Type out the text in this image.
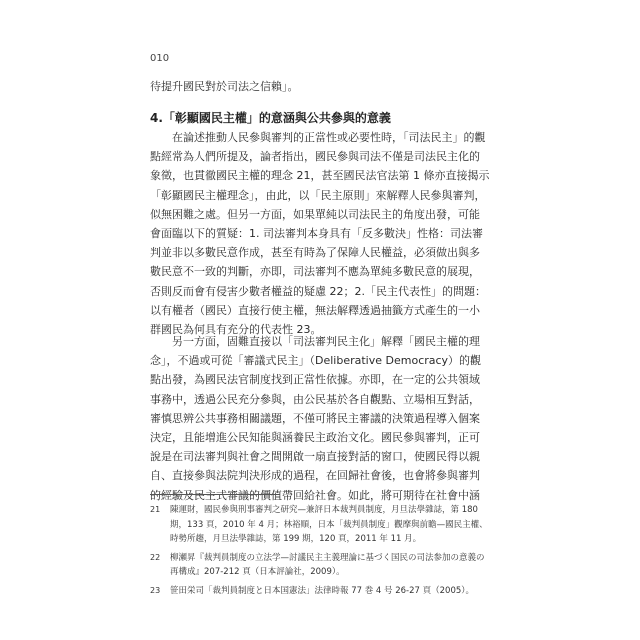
010
待提升國民對於司法之信賴」。
4.「彰顯國民主權」的意涵與公共參與的意義

在論述推動人民參與審判的正當性或必要性時，「司法民主」的觀點經常為人們所提及，論者指出，國民參與司法不僅是司法民主化的象徵，也貫徹國民主權的理念 21，甚至國民法官法第 1 條亦直接揭示「彰顯國民主權理念」，由此，以「民主原則」來解釋人民參與審判，似無困難之處。但另一方面，如果單純以司法民主的角度出發，可能會面臨以下的質疑：1. 司法審判本身具有「反多數決」性格：司法審判並非以多數民意作成，甚至有時為了保障人民權益，必須做出與多數民意不一致的判斷，亦即，司法審判不應為單純多數民意的展現，否則反而會有侵害少數者權益的疑慮 22；2.「民主代表性」的問題：以有權者（國民）直接行使主權，無法解釋透過抽籤方式產生的一小群國民為何具有充分的代表性 23。

另一方面，固難直接以「司法審判民主化」解釋「國民主權的理念」，不過或可從「審議式民主」（Deliberative Democracy）的觀點出發，為國民法官制度找到正當性依據。亦即，在一定的公共領域事務中，透過公民充分參與，由公民基於各自觀點、立場相互對話，審慎思辨公共事務相關議題，不僅可將民主審議的決策過程導入個案決定，且能增進公民知能與涵養民主政治文化。國民參與審判，正可說是在司法審判與社會之間開啟一扇直接對話的窗口，使國民得以親自、直接參與法院判決形成的過程，在回歸社會後，也會將參與審判的經驗及民主式審議的價值帶回給社會。如此，將可期待在社會中涵

21 陳運財，國民參與刑事審判之研究—兼評日本裁判員制度，月旦法學雜誌，第 180 期，133 頁，2010 年 4 月；林裕順，日本「裁判員制度」觀摩與前瞻—國民主權、時勢所趨，月旦法學雜誌，第 199 期，120 頁，2011 年 11 月。
22 柳瀬昇『裁判員制度の立法学—討議民主主義理論に基づく国民の司法参加の意義の再構成』207-212 頁（日本評論社，2009）。
23 笹田栄司「裁判員制度と日本国憲法」法律時報 77 巻 4 号 26-27 頁（2005）。
